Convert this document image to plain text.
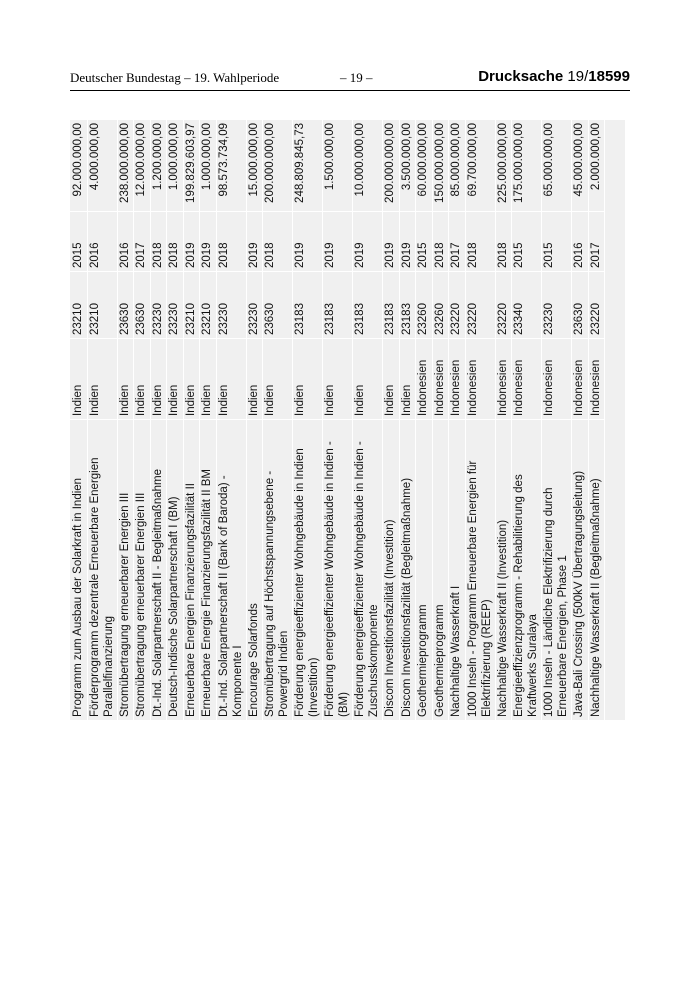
Deutscher Bundestag – 19. Wahlperiode	– 19 –	Drucksache 19/18599
Programm zum Ausbau der Solarkraft in Indien
Indien
23210
2015
92.000.000,00
Förderprogramm dezentrale Erneuerbare Energien Parallelfinanzierung
Indien
23210
2016
4.000.000,00
Stromübertragung erneuerbarer Energien III
Indien
23630
2016
238.000.000,00
Stromübertragung erneuerbarer Energien III
Indien
23630
2017
12.000.000,00
Dt.-Ind. Solarpartnerschaft II - Begleitmaßnahme
Indien
23230
2018
1.200.000,00
Deutsch-Indische Solarpartnerschaft I (BM)
Indien
23230
2018
1.000.000,00
Erneuerbare Energien Finanzierungsfazilität II
Indien
23210
2019
199.829.603,97
Erneuerbare Energie Finanzierungsfazilität II BM
Indien
23210
2019
1.000.000,00
Dt.-Ind. Solarpartnerschaft II (Bank of Baroda) - Komponente I
Indien
23230
2018
98.573.734,09
Encourage Solarfonds
Indien
23230
2019
15.000.000,00
Stromübertragung auf Höchstspannungsebene - Powergrid Indien
Indien
23630
2018
200.000.000,00
Förderung energieeffizienter Wohngebäude in Indien (Investition)
Indien
23183
2019
248.809.845,73
Förderung energieeffizienter Wohngebäude in Indien - (BM)
Indien
23183
2019
1.500.000,00
Förderung energieeffizienter Wohngebäude in Indien - Zuschusskomponente
Indien
23183
2019
10.000.000,00
Discom Investitionsfazilität (Investition)
Indien
23183
2019
200.000.000,00
Discom Investitionsfazilität (Begleitmaßnahme)
Indien
23183
2019
3.500.000,00
Geothermieprogramm
Indonesien
23260
2015
60.000.000,00
Geothermieprogramm
Indonesien
23260
2018
150.000.000,00
Nachhaltige Wasserkraft I
Indonesien
23220
2017
85.000.000,00
1000 Inseln - Programm Erneuerbare Energien für Elektrifizierung (REEP)
Indonesien
23220
2018
69.700.000,00
Nachhaltige Wasserkraft II (Investition)
Indonesien
23220
2018
225.000.000,00
Energieeffizienzprogramm - Rehabilitierung des Kraftwerks Suralaya
Indonesien
23340
2015
175.000.000,00
1000 Inseln - Ländliche Elektrifizierung durch Erneuerbare Energien, Phase 1
Indonesien
23230
2015
65.000.000,00
Java-Bali Crossing (500kV Übertragungsleitung)
Indonesien
23630
2016
45.000.000,00
Nachhaltige Wasserkraft II (Begleitmaßnahme)
Indonesien
23220
2017
2.000.000,00
